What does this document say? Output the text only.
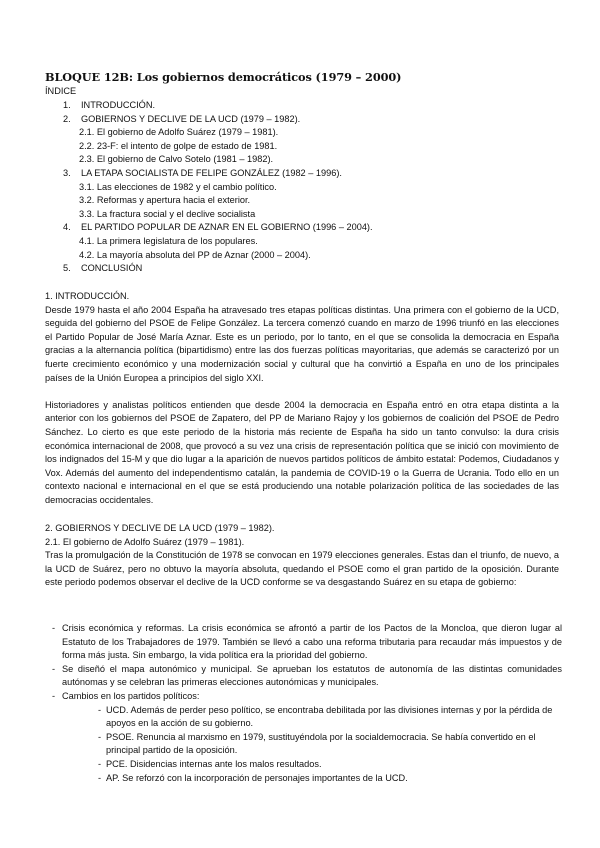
BLOQUE 12B: Los gobiernos democráticos (1979 – 2000)
ÍNDICE
1. INTRODUCCIÓN.
2. GOBIERNOS Y DECLIVE DE LA UCD (1979 – 1982).
2.1. El gobierno de Adolfo Suárez (1979 – 1981).
2.2. 23-F: el intento de golpe de estado de 1981.
2.3. El gobierno de Calvo Sotelo (1981 – 1982).
3. LA ETAPA SOCIALISTA DE FELIPE GONZÁLEZ (1982 – 1996).
3.1. Las elecciones de 1982 y el cambio político.
3.2. Reformas y apertura hacia el exterior.
3.3. La fractura social y el declive socialista
4. EL PARTIDO POPULAR DE AZNAR EN EL GOBIERNO (1996 – 2004).
4.1. La primera legislatura de los populares.
4.2. La mayoría absoluta del PP de Aznar (2000 – 2004).
5. CONCLUSIÓN
1. INTRODUCCIÓN.

Desde 1979 hasta el año 2004 España ha atravesado tres etapas políticas distintas. Una primera con el gobierno de la UCD, seguida del gobierno del PSOE de Felipe González. La tercera comenzó cuando en marzo de 1996 triunfó en las elecciones el Partido Popular de José María Aznar. Este es un periodo, por lo tanto, en el que se consolida la democracia en España gracias a la alternancia política (bipartidismo) entre las dos fuerzas políticas mayoritarias, que además se caracterizó por un fuerte crecimiento económico y una modernización social y cultural que ha convirtió a España en uno de los principales países de la Unión Europea a principios del siglo XXI.

Historiadores y analistas políticos entienden que desde 2004 la democracia en España entró en otra etapa distinta a la anterior con los gobiernos del PSOE de Zapatero, del PP de Mariano Rajoy y los gobiernos de coalición del PSOE de Pedro Sánchez. Lo cierto es que este periodo de la historia más reciente de España ha sido un tanto convulso: la dura crisis económica internacional de 2008, que provocó a su vez una crisis de representación política que se inició con movimiento de los indignados del 15-M y que dio lugar a la aparición de nuevos partidos políticos de ámbito estatal: Podemos, Ciudadanos y Vox. Además del aumento del independentismo catalán, la pandemia de COVID-19 o la Guerra de Ucrania. Todo ello en un contexto nacional e internacional en el que se está produciendo una notable polarización política de las sociedades de las democracias occidentales.

2. GOBIERNOS Y DECLIVE DE LA UCD (1979 – 1982).
2.1. El gobierno de Adolfo Suárez (1979 – 1981).

Tras la promulgación de la Constitución de 1978 se convocan en 1979 elecciones generales. Estas dan el triunfo, de nuevo, a la UCD de Suárez, pero no obtuvo la mayoría absoluta, quedando el PSOE como el gran partido de la oposición. Durante este periodo podemos observar el declive de la UCD conforme se va desgastando Suárez en su etapa de gobierno:

- Crisis económica y reformas. La crisis económica se afrontó a partir de los Pactos de la Moncloa, que dieron lugar al Estatuto de los Trabajadores de 1979. También se llevó a cabo una reforma tributaria para recaudar más impuestos y de forma más justa. Sin embargo, la vida política era la prioridad del gobierno.
- Se diseñó el mapa autonómico y municipal. Se aprueban los estatutos de autonomía de las distintas comunidades autónomas y se celebran las primeras elecciones autonómicas y municipales.
- Cambios en los partidos políticos:
- UCD. Además de perder peso político, se encontraba debilitada por las divisiones internas y por la pérdida de apoyos en la acción de su gobierno.
- PSOE. Renuncia al marxismo en 1979, sustituyéndola por la socialdemocracia. Se había convertido en el principal partido de la oposición.
- PCE. Disidencias internas ante los malos resultados.
- AP. Se reforzó con la incorporación de personajes importantes de la UCD.
